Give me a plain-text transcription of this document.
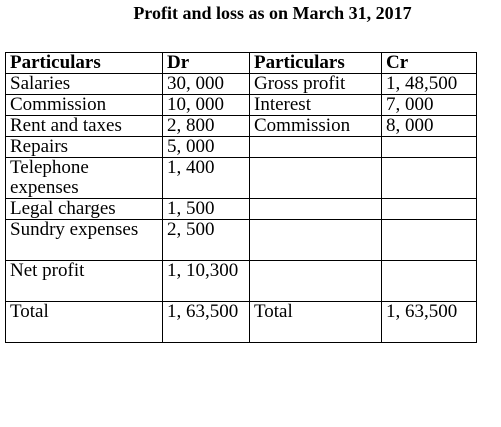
Profit and loss as on March 31, 2017
Particulars	Dr	Particulars	Cr
Salaries	30, 000	Gross profit	1, 48,500
Commission	10, 000	Interest	7, 000
Rent and taxes	2, 800	Commission	8, 000
Repairs	5, 000		
Telephone expenses	1, 400		
Legal charges	1, 500		
Sundry expenses	2, 500		
Net profit	1, 10,300		
Total	1, 63,500	Total	1, 63,500
